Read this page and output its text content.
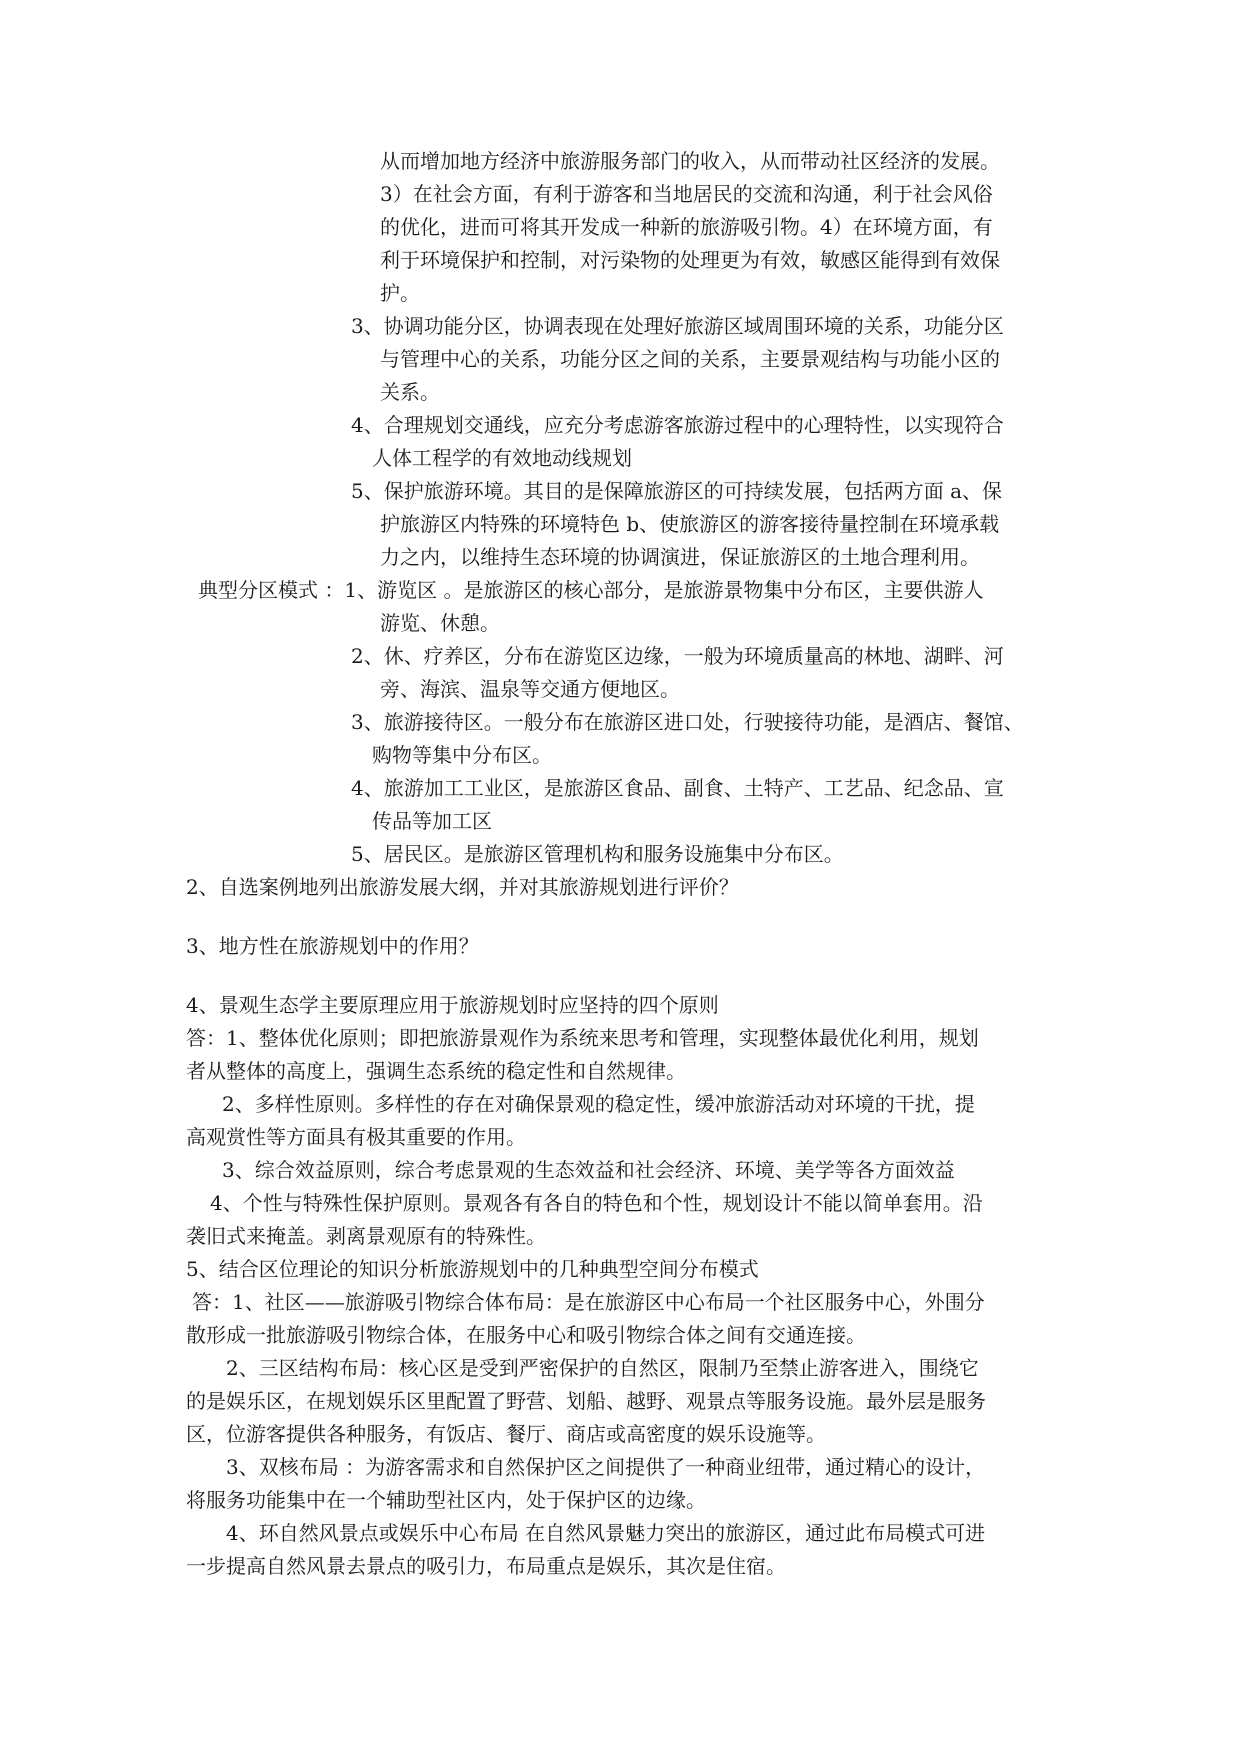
从而增加地方经济中旅游服务部门的收入，从而带动社区经济的发展。

3）在社会方面，有利于游客和当地居民的交流和沟通，利于社会风俗

的优化，进而可将其开发成一种新的旅游吸引物。4）在环境方面，有

利于环境保护和控制，对污染物的处理更为有效，敏感区能得到有效保

护。

3、协调功能分区，协调表现在处理好旅游区域周围环境的关系，功能分区

与管理中心的关系，功能分区之间的关系，主要景观结构与功能小区的

关系。

4、合理规划交通线，应充分考虑游客旅游过程中的心理特性，以实现符合

人体工程学的有效地动线规划

5、保护旅游环境。其目的是保障旅游区的可持续发展，包括两方面 a、保

护旅游区内特殊的环境特色 b、使旅游区的游客接待量控制在环境承载

力之内，以维持生态环境的协调演进，保证旅游区的土地合理利用。

典型分区模式 ：1、游览区 。是旅游区的核心部分，是旅游景物集中分布区，主要供游人

游览、休憩。

2、休、疗养区，分布在游览区边缘，一般为环境质量高的林地、湖畔、河

旁、海滨、温泉等交通方便地区。

3、旅游接待区。一般分布在旅游区进口处，行驶接待功能，是酒店、餐馆、

购物等集中分布区。

4、旅游加工工业区，是旅游区食品、副食、土特产、工艺品、纪念品、宣

传品等加工区

5、居民区。是旅游区管理机构和服务设施集中分布区。

2、自选案例地列出旅游发展大纲，并对其旅游规划进行评价？

3、地方性在旅游规划中的作用？

4、景观生态学主要原理应用于旅游规划时应坚持的四个原则

答：1、整体优化原则；即把旅游景观作为系统来思考和管理，实现整体最优化利用，规划

者从整体的高度上，强调生态系统的稳定性和自然规律。

2、多样性原则。多样性的存在对确保景观的稳定性，缓冲旅游活动对环境的干扰，提

高观赏性等方面具有极其重要的作用。

3、综合效益原则，综合考虑景观的生态效益和社会经济、环境、美学等各方面效益

4、个性与特殊性保护原则。景观各有各自的特色和个性，规划设计不能以简单套用。沿

袭旧式来掩盖。剥离景观原有的特殊性。

5、结合区位理论的知识分析旅游规划中的几种典型空间分布模式

答：1、社区——旅游吸引物综合体布局：是在旅游区中心布局一个社区服务中心，外围分

散形成一批旅游吸引物综合体，在服务中心和吸引物综合体之间有交通连接。

2、三区结构布局：核心区是受到严密保护的自然区，限制乃至禁止游客进入，围绕它

的是娱乐区，在规划娱乐区里配置了野营、划船、越野、观景点等服务设施。最外层是服务

区，位游客提供各种服务，有饭店、餐厅、商店或高密度的娱乐设施等。

3、双核布局 ：为游客需求和自然保护区之间提供了一种商业纽带，通过精心的设计，

将服务功能集中在一个辅助型社区内，处于保护区的边缘。

4、环自然风景点或娱乐中心布局 在自然风景魅力突出的旅游区，通过此布局模式可进

一步提高自然风景去景点的吸引力，布局重点是娱乐，其次是住宿。
